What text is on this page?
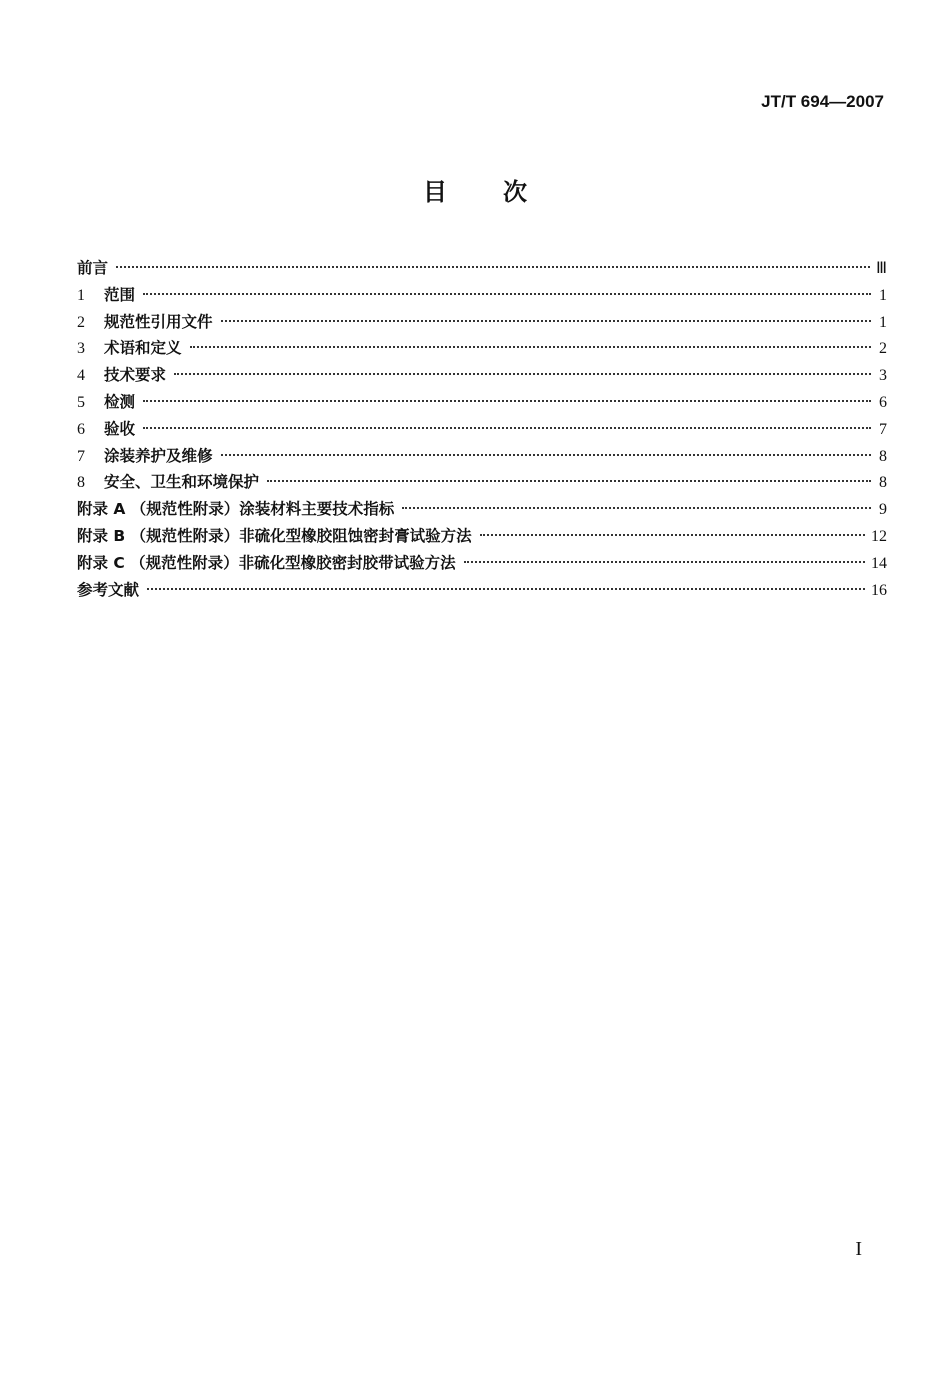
JT/T 694—2007
目 次
前言	Ⅲ
1	范围	1
2	规范性引用文件	1
3	术语和定义	2
4	技术要求	3
5	检测	6
6	验收	7
7	涂装养护及维修	8
8	安全、卫生和环境保护	8
附录 A （规范性附录）涂装材料主要技术指标	9
附录 B （规范性附录）非硫化型橡胶阻蚀密封膏试验方法	12
附录 C （规范性附录）非硫化型橡胶密封胶带试验方法	14
参考文献	16
I
